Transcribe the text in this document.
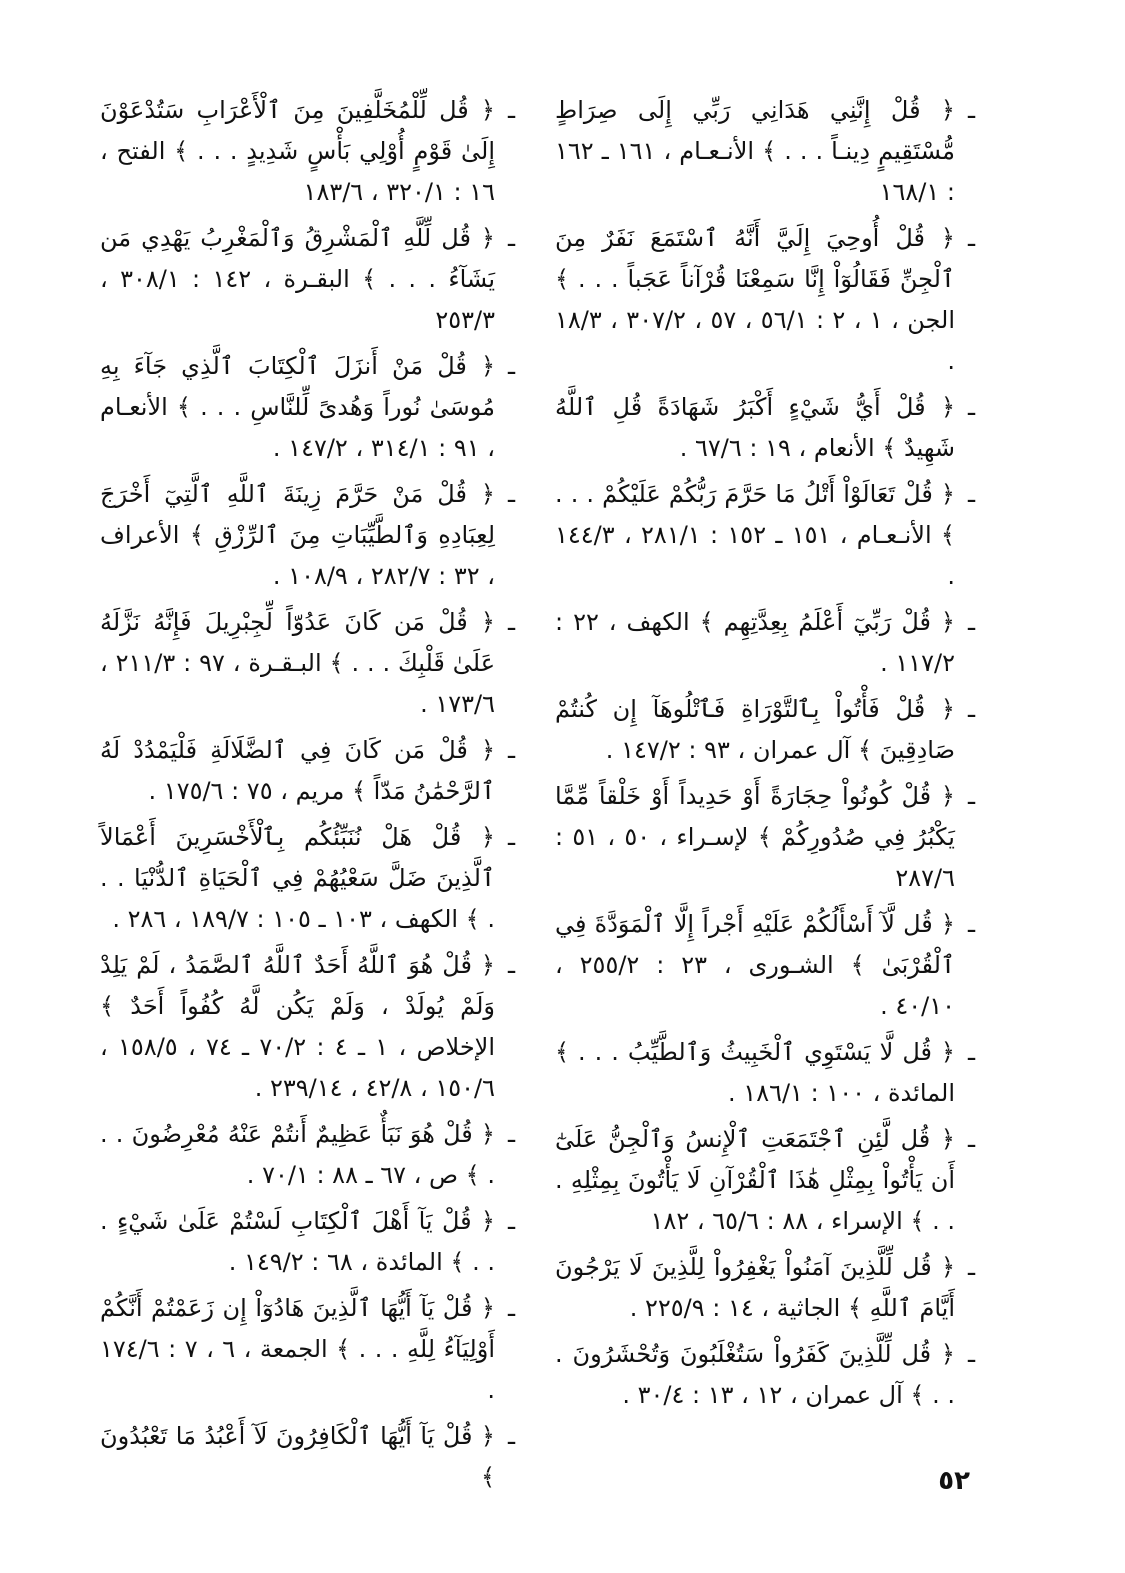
ـ
﴿ قُلْ إِنَّنِي هَدَانِي رَبِّي إِلَى صِرَاطٍ مُّسْتَقِيمٍ دِينـاً . . . ﴾ الأنـعـام ، ١٦١ ـ ١٦٢ : ١٦٨/١
ـ
﴿ قُلْ أُوحِيَ إِلَيَّ أَنَّهُ ٱسْتَمَعَ نَفَرٌ مِنَ ٱلْجِنِّ فَقَالُوٓاْ إِنَّا سَمِعْنَا قُرْآناً عَجَباً . . . ﴾ الجن ، ١ ، ٢ : ٥٦/١ ، ٥٧ ، ٣٠٧/٢ ، ١٨/٣ .
ـ
﴿ قُلْ أَيُّ شَيْءٍ أَكْبَرُ شَهَادَةً قُلِ ٱللَّهُ شَهِيدٌ ﴾ الأنعام ، ١٩ : ٦٧/٦ .
ـ
﴿ قُلْ تَعَالَوْاْ أَتْلُ مَا حَرَّمَ رَبُّكُمْ عَلَيْكُمْ . . . ﴾ الأنـعـام ، ١٥١ ـ ١٥٢ : ٢٨١/١ ، ١٤٤/٣ .
ـ
﴿ قُلْ رَبِّيٓ أَعْلَمُ بِعِدَّتِهِم ﴾ الكهف ، ٢٢ : ١١٧/٢ .
ـ
﴿ قُلْ فَأْتُواْ بِٱلتَّوْرَاةِ فَٱتْلُوهَآ إِن كُنتُمْ صَادِقِينَ ﴾ آل عمران ، ٩٣ : ١٤٧/٢ .
ـ
﴿ قُلْ كُونُواْ حِجَارَةً أَوْ حَدِيداً أَوْ خَلْقاً مِّمَّا يَكْبُرُ فِي صُدُورِكُمْ ﴾ لإسـراء ، ٥٠ ، ٥١ : ٢٨٧/٦
ـ
﴿ قُل لَّآ أَسْأَلُكُمْ عَلَيْهِ أَجْراً إِلَّا ٱلْمَوَدَّةَ فِي ٱلْقُرْبَىٰ ﴾ الشـورى ، ٢٣ : ٢٥٥/٢ ، ٤٠/١٠ .
ـ
﴿ قُل لَّا يَسْتَوِي ٱلْخَبِيثُ وَٱلطَّيِّبُ . . . ﴾ المائدة ، ١٠٠ : ١٨٦/١ .
ـ
﴿ قُل لَّئِنِ ٱجْتَمَعَتِ ٱلْإِنسُ وَٱلْجِنُّ عَلَىٰٓ أَن يَأْتُواْ بِمِثْلِ هَٰذَا ٱلْقُرْآنِ لَا يَأْتُونَ بِمِثْلِهِ . . . ﴾ الإسراء ، ٨٨ : ٦٥/٦ ، ١٨٢
ـ
﴿ قُل لِّلَّذِينَ آمَنُواْ يَغْفِرُواْ لِلَّذِينَ لَا يَرْجُونَ أَيَّامَ ٱللَّهِ ﴾ الجاثية ، ١٤ : ٢٢٥/٩ .
ـ
﴿ قُل لِّلَّذِينَ كَفَرُواْ سَتُغْلَبُونَ وَتُحْشَرُونَ . . . ﴾ آل عمران ، ١٢ ، ١٣ : ٣٠/٤ .
ـ
﴿ قُل لِّلْمُخَلَّفِينَ مِنَ ٱلْأَعْرَابِ سَتُدْعَوْنَ إِلَىٰ قَوْمٍ أُوْلِي بَأْسٍ شَدِيدٍ . . . ﴾ الفتح ، ١٦ : ٣٢٠/١ ، ١٨٣/٦
ـ
﴿ قُل لِّلَّهِ ٱلْمَشْرِقُ وَٱلْمَغْرِبُ يَهْدِي مَن يَشَآءُ . . . ﴾ البقـرة ، ١٤٢ : ٣٠٨/١ ، ٢٥٣/٣
ـ
﴿ قُلْ مَنْ أَنزَلَ ٱلْكِتَابَ ٱلَّذِي جَآءَ بِهِ مُوسَىٰ نُوراً وَهُدىً لِّلنَّاسِ . . . ﴾ الأنعـام ، ٩١ : ٣١٤/١ ، ١٤٧/٢ .
ـ
﴿ قُلْ مَنْ حَرَّمَ زِينَةَ ٱللَّهِ ٱلَّتِيٓ أَخْرَجَ لِعِبَادِهِ وَٱلطَّيِّبَاتِ مِنَ ٱلرِّزْقِ ﴾ الأعراف ، ٣٢ : ٢٨٢/٧ ، ١٠٨/٩ .
ـ
﴿ قُلْ مَن كَانَ عَدُوّاً لِّجِبْرِيلَ فَإِنَّهُ نَزَّلَهُ عَلَىٰ قَلْبِكَ . . . ﴾ البـقـرة ، ٩٧ : ٢١١/٣ ، ١٧٣/٦ .
ـ
﴿ قُلْ مَن كَانَ فِي ٱلضَّلَالَةِ فَلْيَمْدُدْ لَهُ ٱلرَّحْمَٰنُ مَدّاً ﴾ مريم ، ٧٥ : ١٧٥/٦ .
ـ
﴿ قُلْ هَلْ نُنَبِّئُكُم بِٱلْأَخْسَرِينَ أَعْمَالاً ٱلَّذِينَ ضَلَّ سَعْيُهُمْ فِي ٱلْحَيَاةِ ٱلدُّنْيَا . . . ﴾ الكهف ، ١٠٣ ـ ١٠٥ : ١٨٩/٧ ، ٢٨٦ .
ـ
﴿ قُلْ هُوَ ٱللَّهُ أَحَدٌ ٱللَّهُ ٱلصَّمَدُ ، لَمْ يَلِدْ وَلَمْ يُولَدْ ، وَلَمْ يَكُن لَّهُ كُفُواً أَحَدٌ ﴾ الإخلاص ، ١ ـ ٤ : ٧٠/٢ ـ ٧٤ ، ١٥٨/٥ ، ١٥٠/٦ ، ٤٢/٨ ، ٢٣٩/١٤ .
ـ
﴿ قُلْ هُوَ نَبَأٌ عَظِيمٌ أَنتُمْ عَنْهُ مُعْرِضُونَ . . . ﴾ ص ، ٦٧ ـ ٨٨ : ٧٠/١ .
ـ
﴿ قُلْ يَآ أَهْلَ ٱلْكِتَابِ لَسْتُمْ عَلَىٰ شَيْءٍ . . . ﴾ المائدة ، ٦٨ : ١٤٩/٢ .
ـ
﴿ قُلْ يَآ أَيُّهَا ٱلَّذِينَ هَادُوٓاْ إِن زَعَمْتُمْ أَنَّكُمْ أَوْلِيَآءُ لِلَّهِ . . . ﴾ الجمعة ، ٦ ، ٧ : ١٧٤/٦ .
ـ
﴿ قُلْ يَآ أَيُّهَا ٱلْكَافِرُونَ لَآ أَعْبُدُ مَا تَعْبُدُونَ ﴾	٥٢
